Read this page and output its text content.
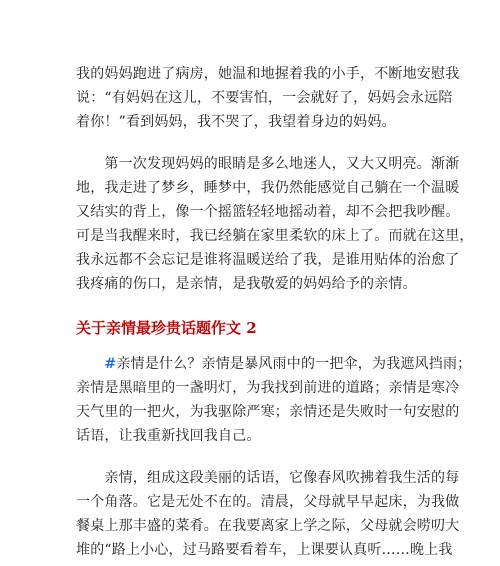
我的妈妈跑进了病房，她温和地握着我的小手，不断地安慰我
说：“有妈妈在这儿，不要害怕，一会就好了，妈妈会永远陪
着你！”看到妈妈，我不哭了，我望着身边的妈妈。

　　第一次发现妈妈的眼睛是多么地迷人，又大又明亮。渐渐
地，我走进了梦乡，睡梦中，我仍然能感觉自己躺在一个温暖
又结实的背上，像一个摇篮轻轻地摇动着，却不会把我吵醒。
可是当我醒来时，我已经躺在家里柔软的床上了。而就在这里，
我永远都不会忘记是谁将温暖送给了我，是谁用贴体的治愈了
我疼痛的伤口，是亲情，是我敬爱的妈妈给予的亲情。

关于亲情最珍贵话题作文 2

　　#亲情是什么？亲情是暴风雨中的一把伞，为我遮风挡雨；
亲情是黑暗里的一盏明灯，为我找到前进的道路；亲情是寒冷
天气里的一把火，为我驱除严寒；亲情还是失败时一句安慰的
话语，让我重新找回我自己。

　　亲情，组成这段美丽的话语，它像春风吹拂着我生活的每
一个角落。它是无处不在的。清晨，父母就早早起床，为我做
餐桌上那丰盛的菜肴。在我要离家上学之际，父母就会唠叨大
堆的“路上小心，过马路要看着车，上课要认真听……晚上我
